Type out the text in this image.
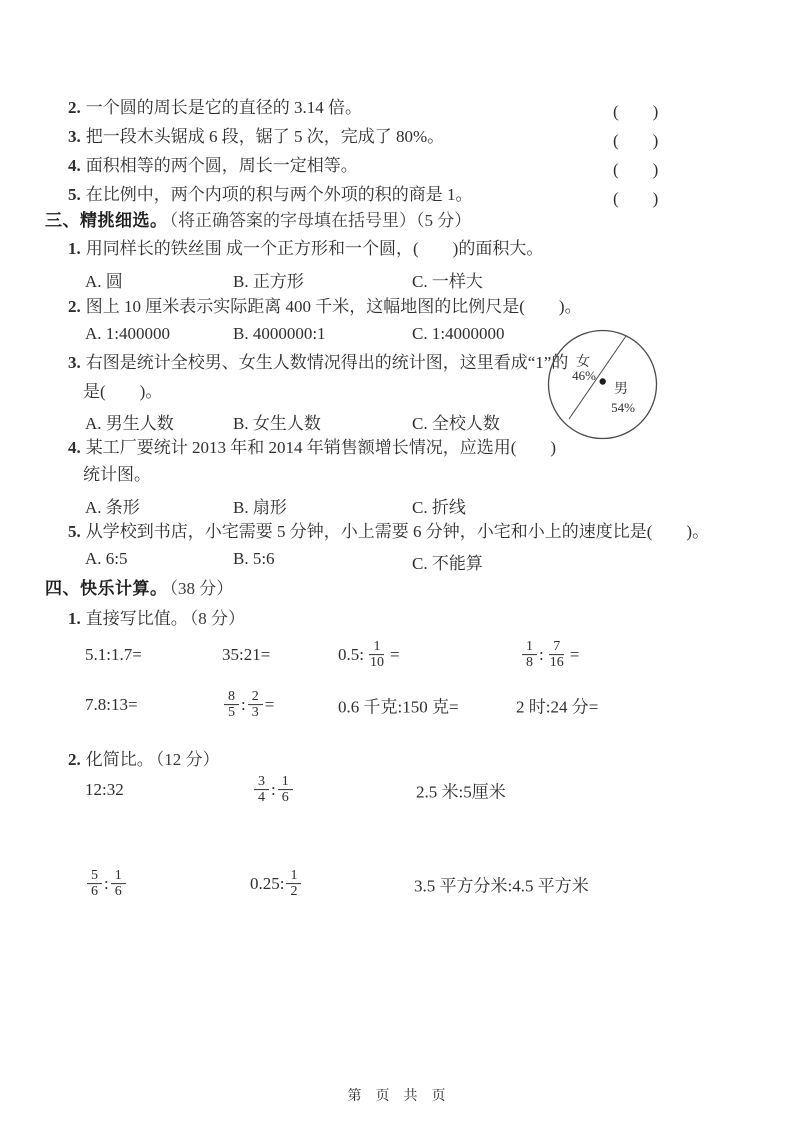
2. 一个圆的周长是它的直径的 3.14 倍。	(　　)
3. 把一段木头锯成 6 段，锯了 5 次，完成了 80%。	(　　)
4. 面积相等的两个圆，周长一定相等。	(　　)
5. 在比例中，两个内项的积与两个外项的积的商是 1。	(　　)
三、精挑细选。 （将正确答案的字母填在括号里）（5 分）
1. 用同样长的铁丝围 成一个正方形和一个圆，(　　)的面积大。
A. 圆	B. 正方形	C. 一样大
2. 图上 10 厘米表示实际距离 400 千米，这幅地图的比例尺是(　　)。
A. 1:400000	B. 4000000:1	C. 1:4000000
3. 右图是统计全校男、女生人数情况得出的统计图，这里看成“1”的
是(　　)。
A. 男生人数	B. 女生人数	C. 全校人数
女
46%
男
54%
4. 某工厂要统计 2013 年和 2014 年销售额增长情况，应选用(　　)
统计图。
A. 条形	B. 扇形	C. 折线
5. 从学校到书店，小宅需要 5 分钟，小上需要 6 分钟，小宅和小上的速度比是(　　)。
A. 6:5	B. 5:6	C. 不能算
四、快乐计算。 （38 分）
1. 直接写比值。 （8 分）
5.1:1.7=	35:21=	0.5: $\frac{1}{10}$ =	$\frac{1}{8}$ : $\frac{7}{16}$ =
7.8:13=	$\frac{8}{5}$ : $\frac{2}{3}$ =	0.6 千克:150 克=	2 时:24 分=
2. 化简比。 （12 分）
12:32	$\frac{3}{4}$ : $\frac{1}{6}$	2.5 米:5厘米
$\frac{5}{6}$ : $\frac{1}{6}$	0.25: $\frac{1}{2}$	3.5 平方分米:4.5 平方米
第　页　共　页
